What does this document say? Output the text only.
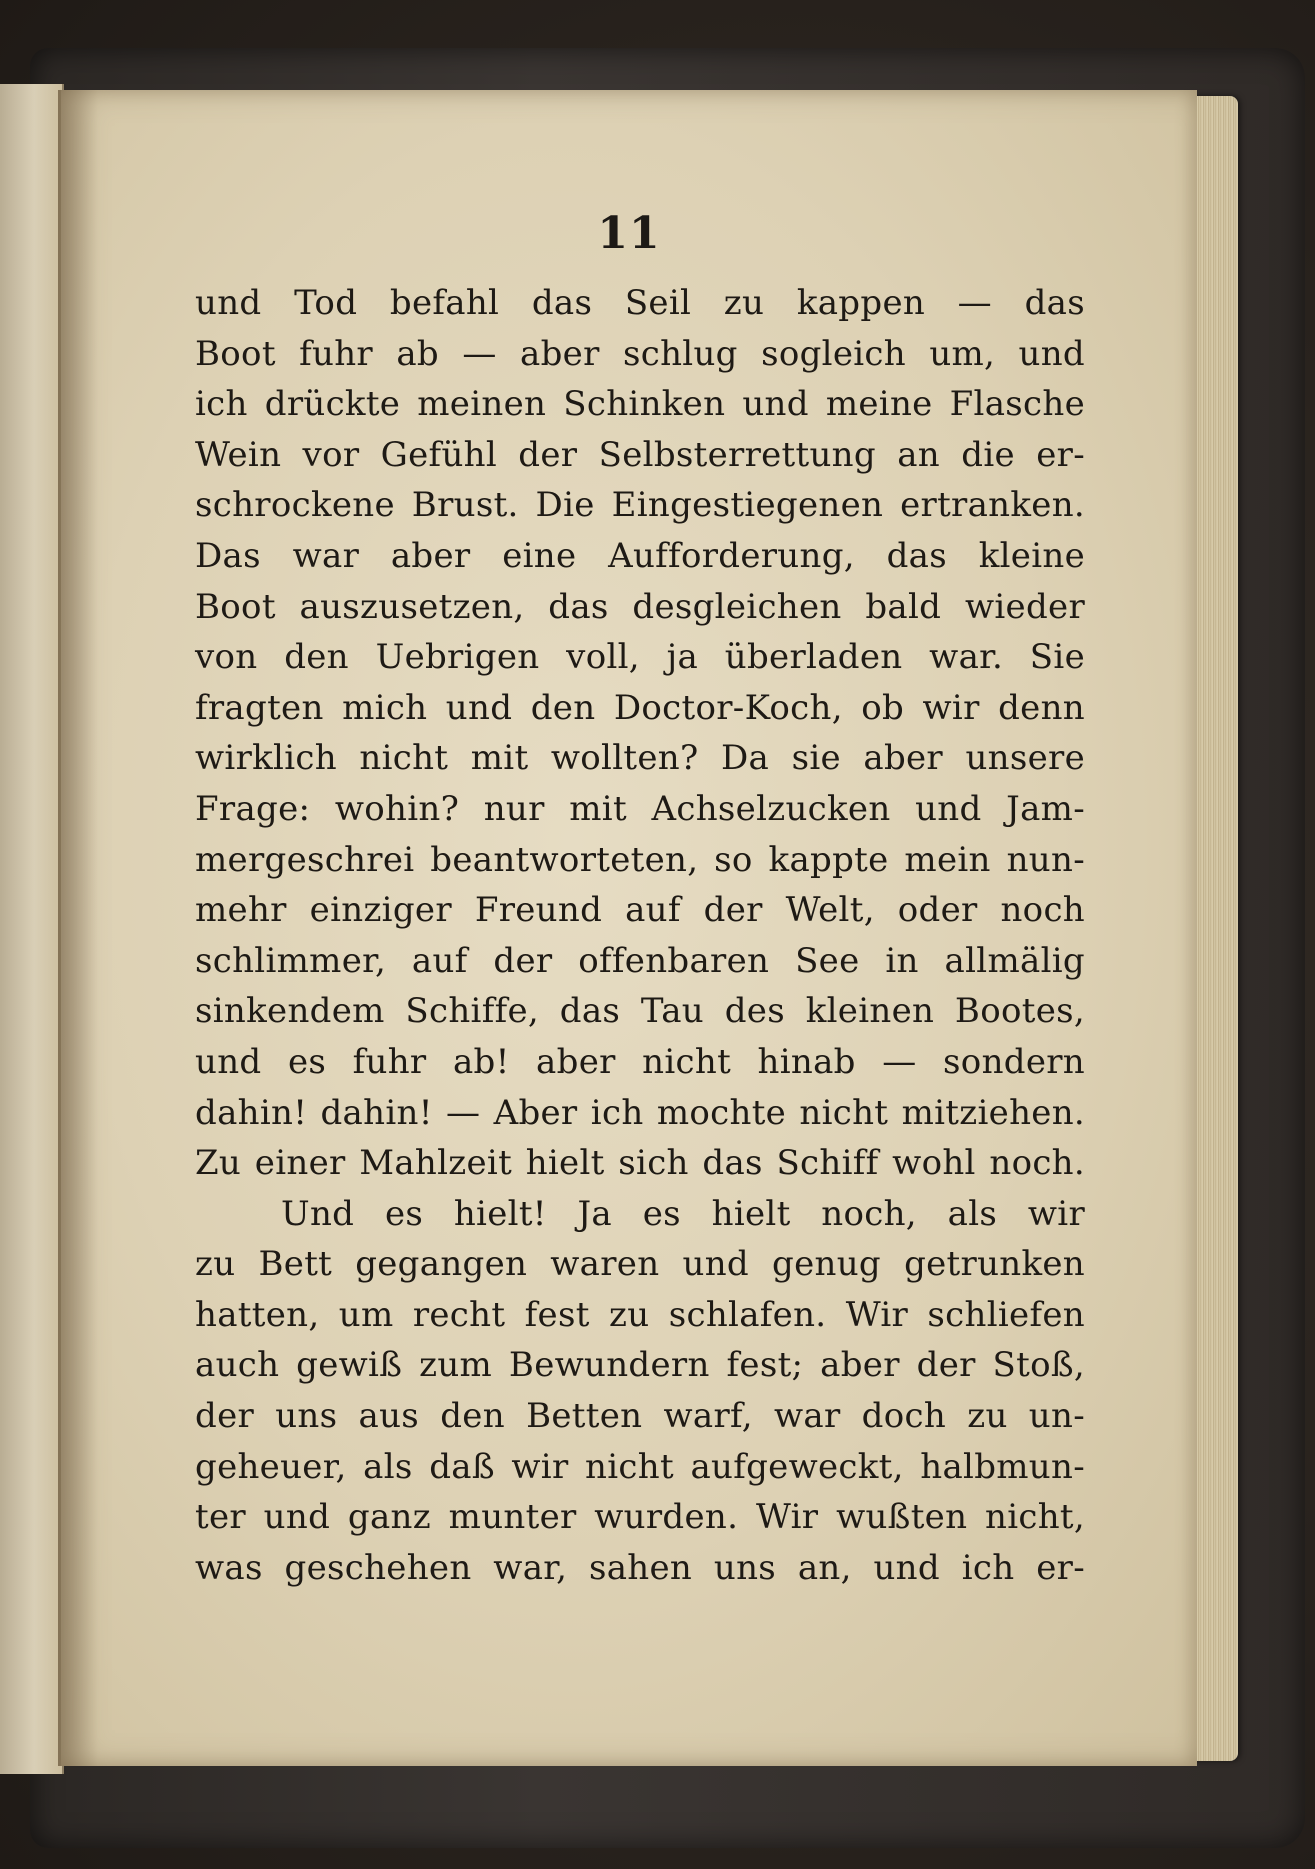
11
und Tod befahl das Seil zu kappen — das
Boot fuhr ab — aber schlug sogleich um, und
ich drückte meinen Schinken und meine Flasche
Wein vor Gefühl der Selbsterrettung an die er-
schrockene Brust. Die Eingestiegenen ertranken.
Das war aber eine Aufforderung, das kleine
Boot auszusetzen, das desgleichen bald wieder
von den Uebrigen voll, ja überladen war. Sie
fragten mich und den Doctor-Koch, ob wir denn
wirklich nicht mit wollten? Da sie aber unsere
Frage: wohin? nur mit Achselzucken und Jam-
mergeschrei beantworteten, so kappte mein nun-
mehr einziger Freund auf der Welt, oder noch
schlimmer, auf der offenbaren See in allmälig
sinkendem Schiffe, das Tau des kleinen Bootes,
und es fuhr ab! aber nicht hinab — sondern
dahin! dahin! — Aber ich mochte nicht mitziehen.
Zu einer Mahlzeit hielt sich das Schiff wohl noch.
Und es hielt! Ja es hielt noch, als wir
zu Bett gegangen waren und genug getrunken
hatten, um recht fest zu schlafen. Wir schliefen
auch gewiß zum Bewundern fest; aber der Stoß,
der uns aus den Betten warf, war doch zu un-
geheuer, als daß wir nicht aufgeweckt, halbmun-
ter und ganz munter wurden. Wir wußten nicht,
was geschehen war, sahen uns an, und ich er-
